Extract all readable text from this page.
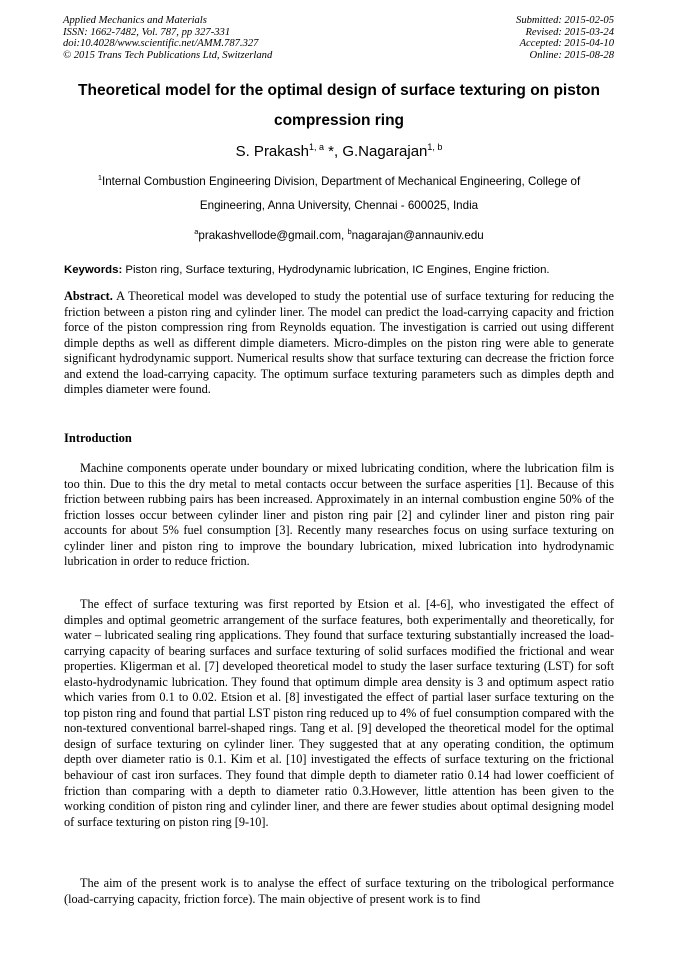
Applied Mechanics and Materials
ISSN: 1662-7482, Vol. 787, pp 327-331
doi:10.4028/www.scientific.net/AMM.787.327
© 2015 Trans Tech Publications Ltd, Switzerland
Submitted: 2015-02-05
Revised: 2015-03-24
Accepted: 2015-04-10
Online: 2015-08-28
Theoretical model for the optimal design of surface texturing on piston
compression ring
S. Prakash$^{1, a}$ *, G.Nagarajan$^{1, b}$
$^1$Internal Combustion Engineering Division, Department of Mechanical Engineering, College of
Engineering, Anna University, Chennai - 600025, India
$^a$prakashvellode@gmail.com, $^b$nagarajan@annauniv.edu
Keywords: Piston ring, Surface texturing, Hydrodynamic lubrication, IC Engines, Engine friction.
Abstract. A Theoretical model was developed to study the potential use of surface texturing for reducing the friction between a piston ring and cylinder liner. The model can predict the load-carrying capacity and friction force of the piston compression ring from Reynolds equation. The investigation is carried out using different dimple depths as well as different dimple diameters. Micro-dimples on the piston ring were able to generate significant hydrodynamic support. Numerical results show that surface texturing can decrease the friction force and extend the load-carrying capacity. The optimum surface texturing parameters such as dimples depth and dimples diameter were found.
Introduction
Machine components operate under boundary or mixed lubricating condition, where the lubrication film is too thin. Due to this the dry metal to metal contacts occur between the surface asperities [1]. Because of this friction between rubbing pairs has been increased. Approximately in an internal combustion engine 50% of the friction losses occur between cylinder liner and piston ring pair [2] and cylinder liner and piston ring pair accounts for about 5% fuel consumption [3]. Recently many researches focus on using surface texturing on cylinder liner and piston ring to improve the boundary lubrication, mixed lubrication into hydrodynamic lubrication in order to reduce friction.
The effect of surface texturing was first reported by Etsion et al. [4-6], who investigated the effect of dimples and optimal geometric arrangement of the surface features, both experimentally and theoretically, for water – lubricated sealing ring applications. They found that surface texturing substantially increased the load-carrying capacity of bearing surfaces and surface texturing of solid surfaces modified the frictional and wear properties. Kligerman et al. [7] developed theoretical model to study the laser surface texturing (LST) for soft elasto-hydrodynamic lubrication. They found that optimum dimple area density is 3 and optimum aspect ratio which varies from 0.1 to 0.02. Etsion et al. [8] investigated the effect of partial laser surface texturing on the top piston ring and found that partial LST piston ring reduced up to 4% of fuel consumption compared with the non-textured conventional barrel-shaped rings. Tang et al. [9] developed the theoretical model for the optimal design of surface texturing on cylinder liner. They suggested that at any operating condition, the optimum depth over diameter ratio is 0.1. Kim et al. [10] investigated the effects of surface texturing on the frictional behaviour of cast iron surfaces. They found that dimple depth to diameter ratio 0.14 had lower coefficient of friction than comparing with a depth to diameter ratio 0.3.However, little attention has been given to the working condition of piston ring and cylinder liner, and there are fewer studies about optimal designing model of surface texturing on piston ring [9-10].
The aim of the present work is to analyse the effect of surface texturing on the tribological performance (load-carrying capacity, friction force). The main objective of present work is to find
